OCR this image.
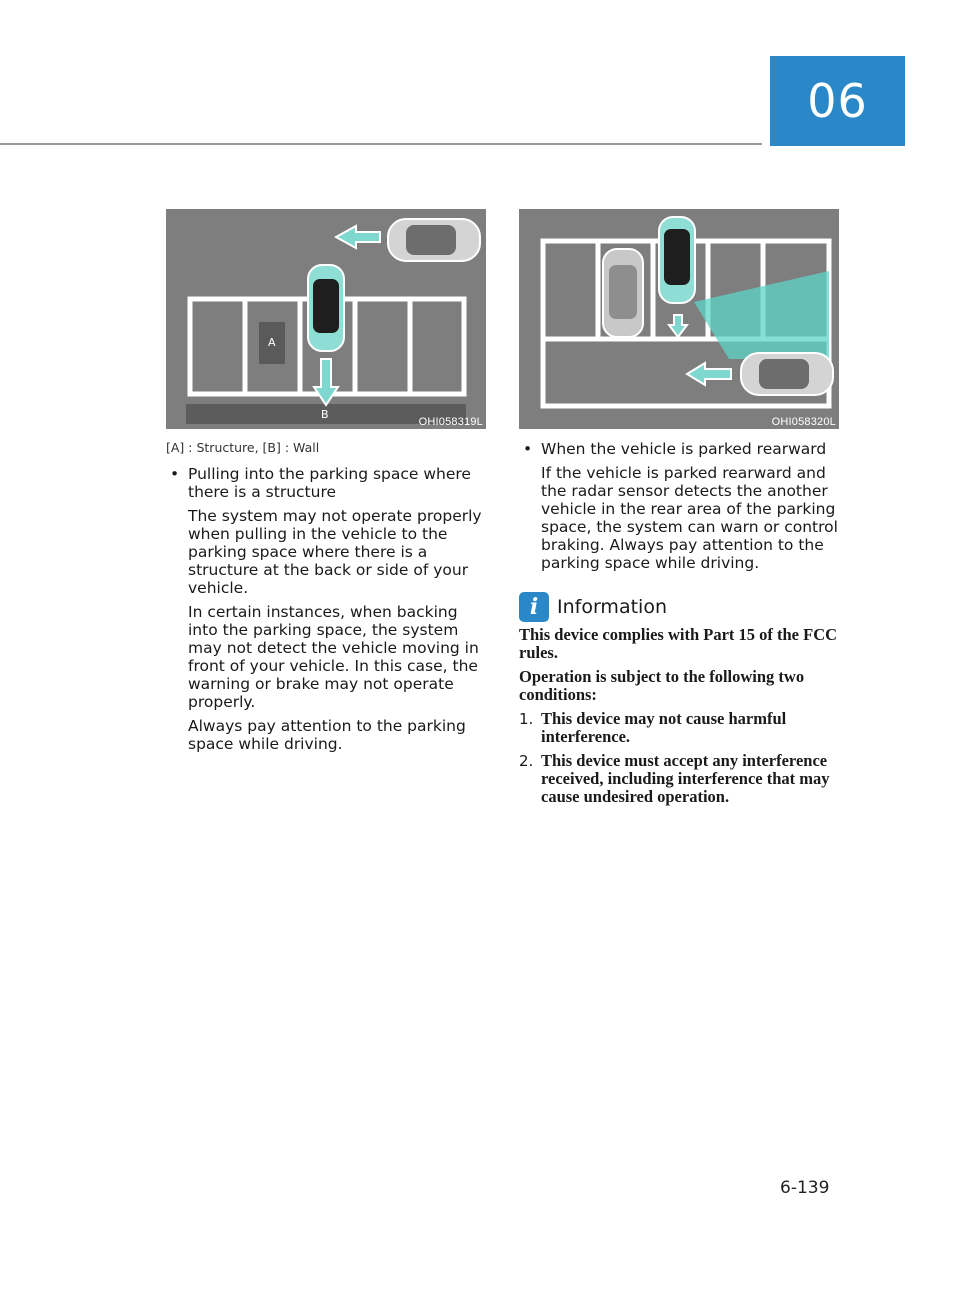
06
A
B
OHI058319L	OHI058320L
[A] : Structure, [B] : Wall
• Pulling into the parking space where there is a structure
The system may not operate properly when pulling in the vehicle to the parking space where there is a structure at the back or side of your vehicle.
In certain instances, when backing into the parking space, the system may not detect the vehicle moving in front of your vehicle. In this case, the warning or brake may not operate properly.
Always pay attention to the parking space while driving.
• When the vehicle is parked rearward
If the vehicle is parked rearward and the radar sensor detects the another vehicle in the rear area of the parking space, the system can warn or control braking. Always pay attention to the parking space while driving.
i Information
This device complies with Part 15 of the FCC rules.
Operation is subject to the following two conditions:
1. This device may not cause harmful interference.
2. This device must accept any interference received, including interference that may cause undesired operation.
6-139
